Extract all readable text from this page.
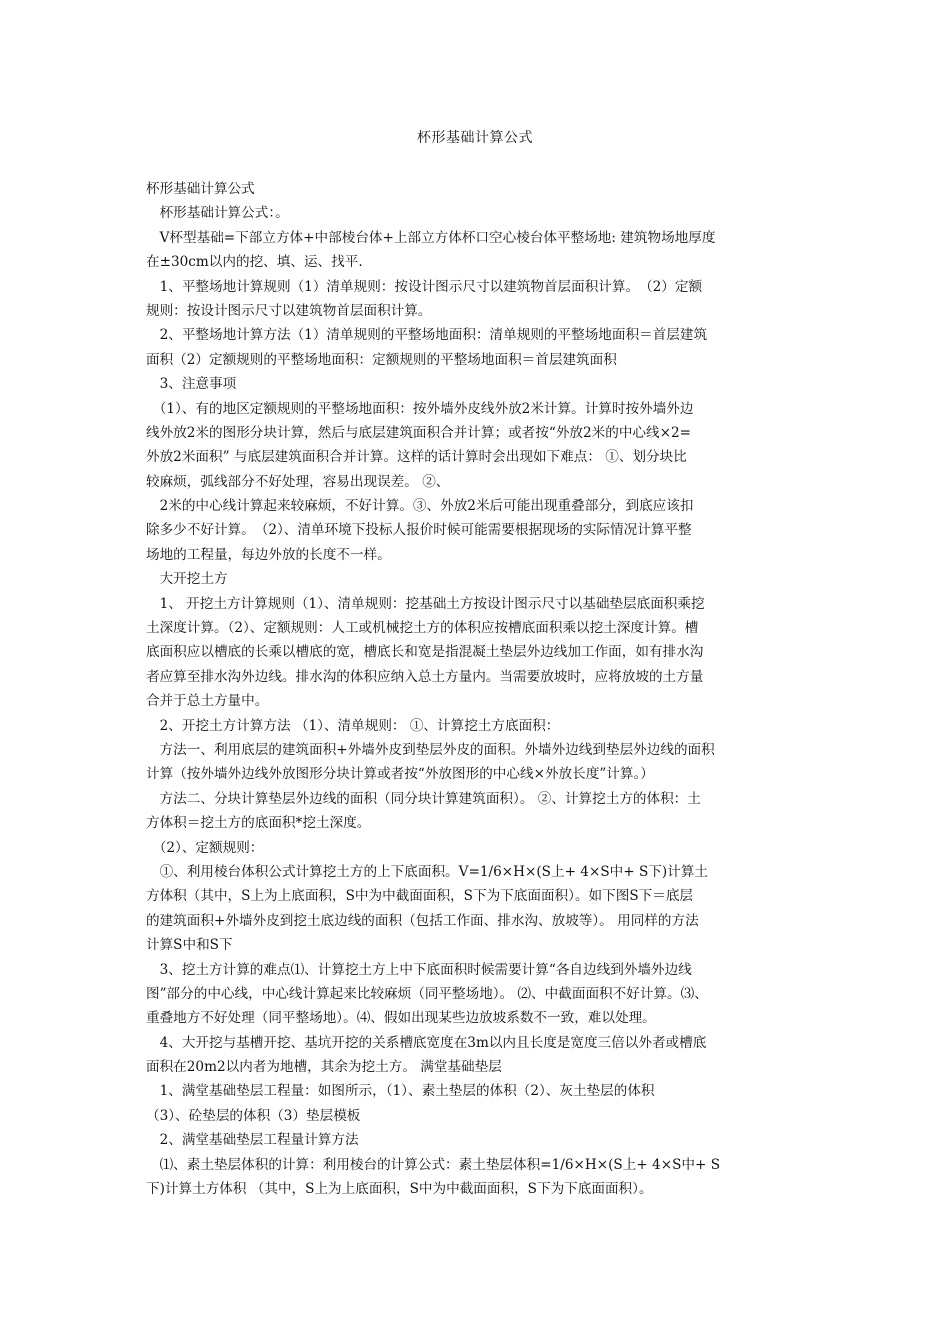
杯形基础计算公式
杯形基础计算公式
　杯形基础计算公式：。
　V杯型基础=下部立方体+中部棱台体+上部立方体杯口空心棱台体平整场地: 建筑物场地厚度
在±30cm以内的挖、填、运、找平.
　1、平整场地计算规则（1）清单规则：按设计图示尺寸以建筑物首层面积计算。　（2）定额
规则：按设计图示尺寸以建筑物首层面积计算。
　2、平整场地计算方法（1）清单规则的平整场地面积：清单规则的平整场地面积＝首层建筑
面积（2）定额规则的平整场地面积：定额规则的平整场地面积＝首层建筑面积
　3、注意事项
　（1）、有的地区定额规则的平整场地面积：按外墙外皮线外放2米计算。计算时按外墙外边
线外放2米的图形分块计算，然后与底层建筑面积合并计算；或者按“外放2米的中心线×2=
外放2米面积” 与底层建筑面积合并计算。这样的话计算时会出现如下难点： ①、划分块比
较麻烦，弧线部分不好处理，容易出现误差。 ②、
　2米的中心线计算起来较麻烦，不好计算。③、外放2米后可能出现重叠部分，到底应该扣
除多少不好计算。　（2）、清单环境下投标人报价时候可能需要根据现场的实际情况计算平整
场地的工程量，每边外放的长度不一样。
　大开挖土方
　1、 开挖土方计算规则（1）、清单规则：挖基础土方按设计图示尺寸以基础垫层底面积乘挖
土深度计算。（2）、定额规则：人工或机械挖土方的体积应按槽底面积乘以挖土深度计算。槽
底面积应以槽底的长乘以槽底的宽，槽底长和宽是指混凝土垫层外边线加工作面，如有排水沟
者应算至排水沟外边线。排水沟的体积应纳入总土方量内。当需要放坡时，应将放坡的土方量
合并于总土方量中。
　2、开挖土方计算方法 （1）、清单规则： ①、计算挖土方底面积：
　方法一、利用底层的建筑面积+外墙外皮到垫层外皮的面积。外墙外边线到垫层外边线的面积
计算（按外墙外边线外放图形分块计算或者按“外放图形的中心线×外放长度”计算。）
　方法二、分块计算垫层外边线的面积（同分块计算建筑面积）。 ②、计算挖土方的体积：土
方体积＝挖土方的底面积*挖土深度。
　（2）、定额规则：
　①、利用棱台体积公式计算挖土方的上下底面积。V=1/6×H×(S上+ 4×S中+ S下)计算土
方体积（其中，S上为上底面积，S中为中截面面积，S下为下底面面积）。如下图S下＝底层
的建筑面积+外墙外皮到挖土底边线的面积（包括工作面、排水沟、放坡等）。 用同样的方法
计算S中和S下
　3、挖土方计算的难点⑴、计算挖土方上中下底面积时候需要计算“各自边线到外墙外边线
图”部分的中心线，中心线计算起来比较麻烦（同平整场地）。 ⑵、中截面面积不好计算。⑶、
重叠地方不好处理（同平整场地）。⑷、假如出现某些边放坡系数不一致，难以处理。
　4、大开挖与基槽开挖、基坑开挖的关系槽底宽度在3m以内且长度是宽度三倍以外者或槽底
面积在20m2以内者为地槽，其余为挖土方。 满堂基础垫层
　1、满堂基础垫层工程量：如图所示，（1）、素土垫层的体积（2）、灰土垫层的体积
（3）、砼垫层的体积（3）垫层模板
　2、满堂基础垫层工程量计算方法
　⑴、素土垫层体积的计算：利用棱台的计算公式：素土垫层体积=1/6×H×(S上+ 4×S中+ S
下)计算土方体积 （其中，S上为上底面积，S中为中截面面积，S下为下底面面积）。
